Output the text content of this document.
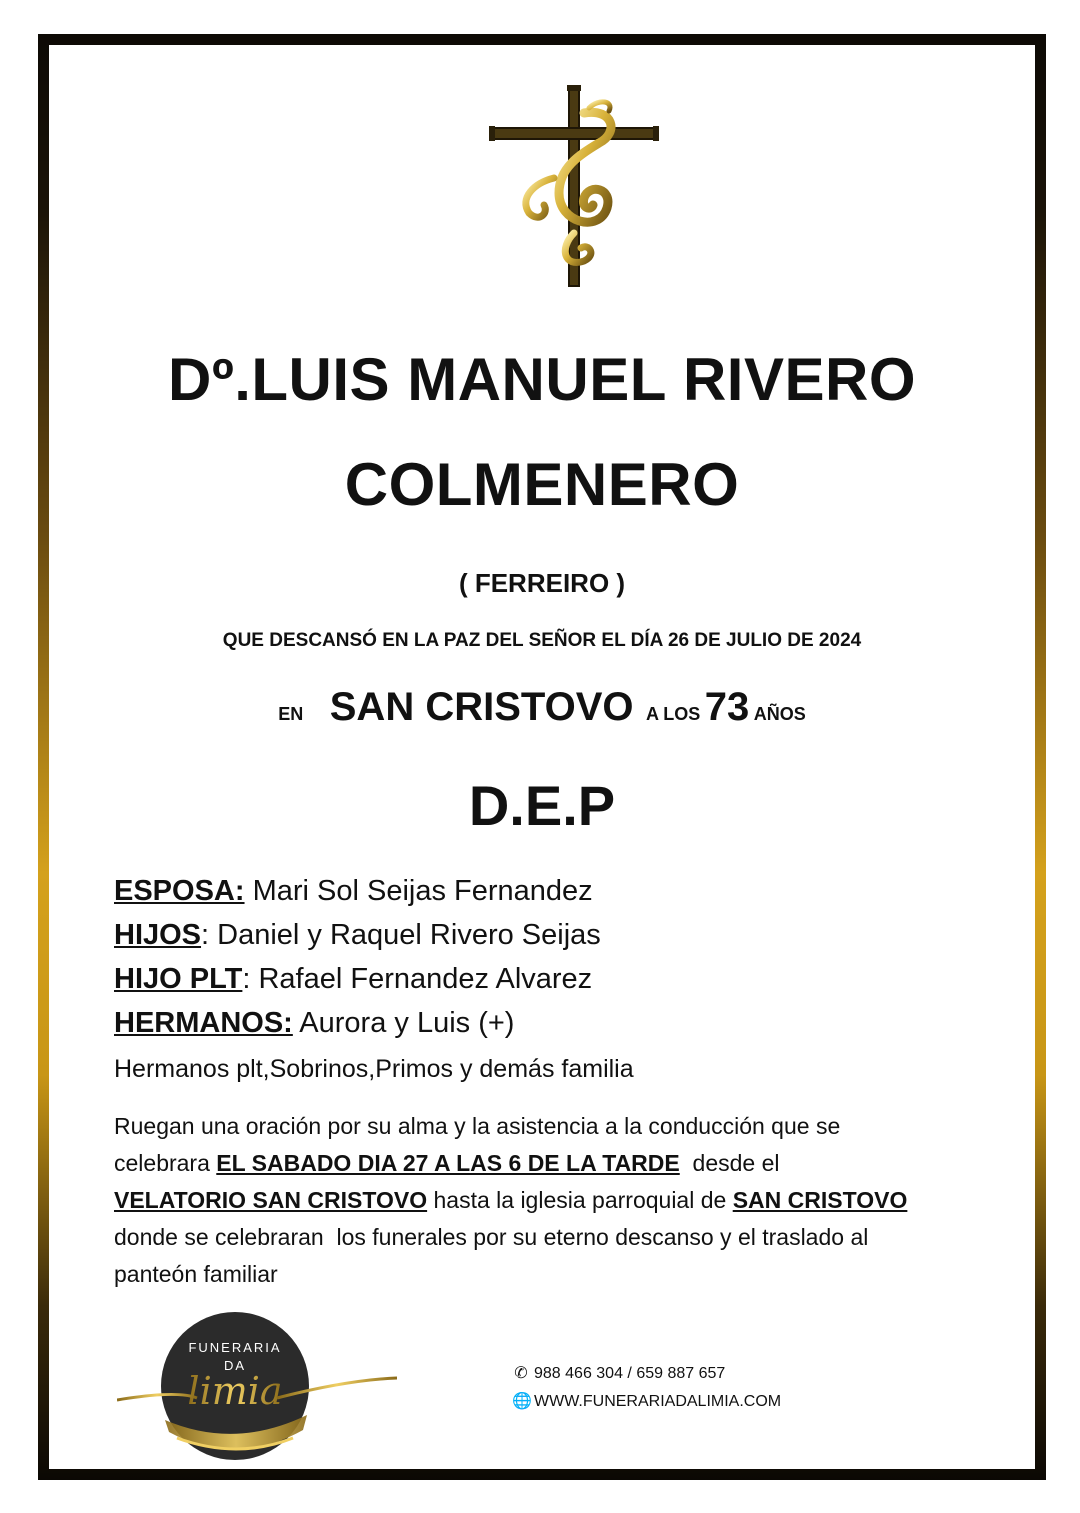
Dº.LUIS MANUEL RIVERO
COLMENERO
( FERREIRO )
QUE DESCANSÓ EN LA PAZ DEL SEÑOR EL DÍA 26 DE JULIO DE 2024
EN SAN CRISTOVO A LOS 73 AÑOS
D.E.P
ESPOSA: Mari Sol Seijas Fernandez
HIJOS: Daniel y Raquel Rivero Seijas
HIJO PLT: Rafael Fernandez Alvarez
HERMANOS: Aurora y Luis (+)
Hermanos plt,Sobrinos,Primos y demás familia
Ruegan una oración por su alma y la asistencia a la conducción que se
celebrara EL SABADO DIA 27 A LAS 6 DE LA TARDE  desde el
VELATORIO SAN CRISTOVO hasta la iglesia parroquial de SAN CRISTOVO
donde se celebraran  los funerales por su eterno descanso y el traslado al
panteón familiar
FUNERARIA
DA
limia	✆ 988 466 304 / 659 887 657
🌐 WWW.FUNERARIADALIMIA.COM
